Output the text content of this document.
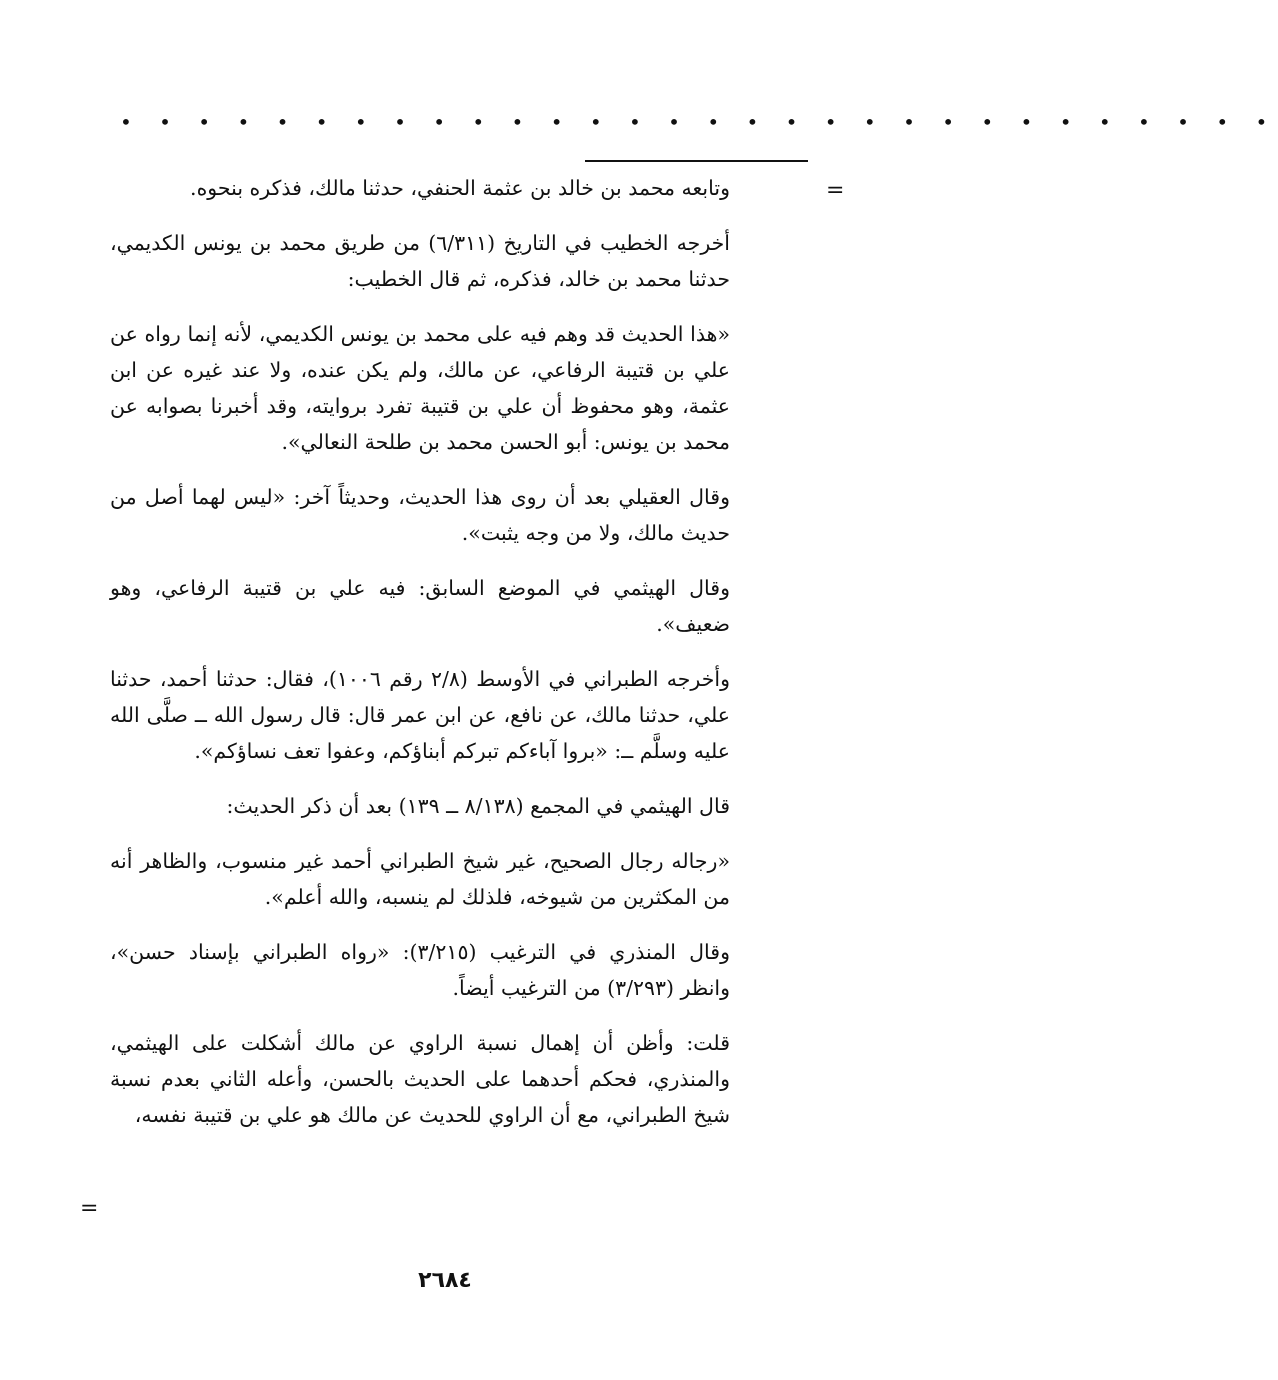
• • • • • • • • • • • • • • • • • • • • • • • • • • • • • •
=

وتابعه محمد بن خالد بن عثمة الحنفي، حدثنا مالك، فذكره بنحوه.

أخرجه الخطيب في التاريخ (٦/٣١١) من طريق محمد بن يونس الكديمي، حدثنا محمد بن خالد، فذكره، ثم قال الخطيب:

«هذا الحديث قد وهم فيه على محمد بن يونس الكديمي، لأنه إنما رواه عن علي بن قتيبة الرفاعي، عن مالك، ولم يكن عنده، ولا عند غيره عن ابن عثمة، وهو محفوظ أن علي بن قتيبة تفرد بروايته، وقد أخبرنا بصوابه عن محمد بن يونس: أبو الحسن محمد بن طلحة النعالي».

وقال العقيلي بعد أن روى هذا الحديث، وحديثاً آخر: «ليس لهما أصل من حديث مالك، ولا من وجه يثبت».

وقال الهيثمي في الموضع السابق: فيه علي بن قتيبة الرفاعي، وهو ضعيف».

وأخرجه الطبراني في الأوسط (٢/٨ رقم ١٠٠٦)، فقال: حدثنا أحمد، حدثنا علي، حدثنا مالك، عن نافع، عن ابن عمر قال: قال رسول الله ــ صلَّى الله عليه وسلَّم ــ: «بروا آباءكم تبركم أبناؤكم، وعفوا تعف نساؤكم».

قال الهيثمي في المجمع (٨/١٣٨ ــ ١٣٩) بعد أن ذكر الحديث:

«رجاله رجال الصحيح، غير شيخ الطبراني أحمد غير منسوب، والظاهر أنه من المكثرين من شيوخه، فلذلك لم ينسبه، والله أعلم».

وقال المنذري في الترغيب (٣/٢١٥): «رواه الطبراني بإسناد حسن»، وانظر (٣/٢٩٣) من الترغيب أيضاً.

قلت: وأظن أن إهمال نسبة الراوي عن مالك أشكلت على الهيثمي، والمنذري، فحكم أحدهما على الحديث بالحسن، وأعله الثاني بعدم نسبة شيخ الطبراني، مع أن الراوي للحديث عن مالك هو علي بن قتيبة نفسه،

=
٢٦٨٤
